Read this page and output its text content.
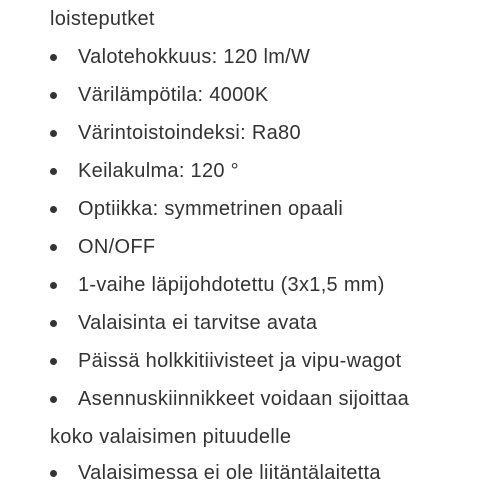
loisteputket
Valotehokkuus: 120 lm/W
Värilämpötila: 4000K
Värintoistoindeksi: Ra80
Keilakulma: 120 °
Optiikka: symmetrinen opaali
ON/OFF
1-vaihe läpijohdotettu (3x1,5 mm)
Valaisinta ei tarvitse avata
Päissä holkkitiivisteet ja vipu-wagot
Asennuskiinnikkeet voidaan sijoittaa
koko valaisimen pituudelle
Valaisimessa ei ole liitäntälaitetta
